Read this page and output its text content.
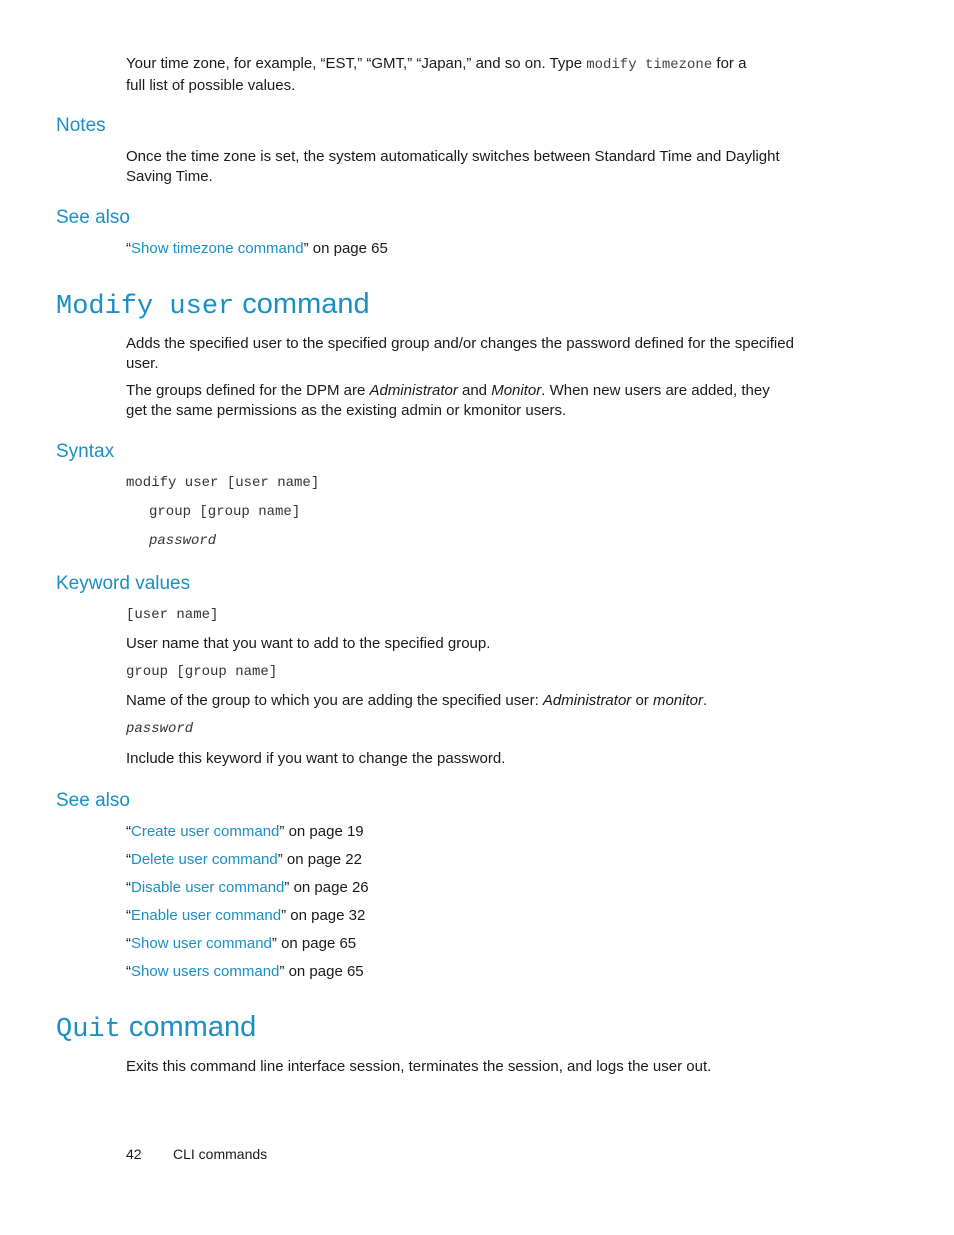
Your time zone, for example, “EST,” “GMT,” “Japan,” and so on. Type modify timezone for a
full list of possible values.
Notes
Once the time zone is set, the system automatically switches between Standard Time and Daylight
Saving Time.
See also
“Show timezone command” on page 65
Modify user command
Adds the specified user to the specified group and/or changes the password defined for the specified
user.
The groups defined for the DPM are Administrator and Monitor. When new users are added, they
get the same permissions as the existing admin or kmonitor users.
Syntax
modify user [user name]
group [group name]
password
Keyword values
[user name]
User name that you want to add to the specified group.
group [group name]
Name of the group to which you are adding the specified user: Administrator or monitor.
password
Include this keyword if you want to change the password.
See also
“Create user command” on page 19
“Delete user command” on page 22
“Disable user command” on page 26
“Enable user command” on page 32
“Show user command” on page 65
“Show users command” on page 65
Quit command
Exits this command line interface session, terminates the session, and logs the user out.
42 CLI commands
